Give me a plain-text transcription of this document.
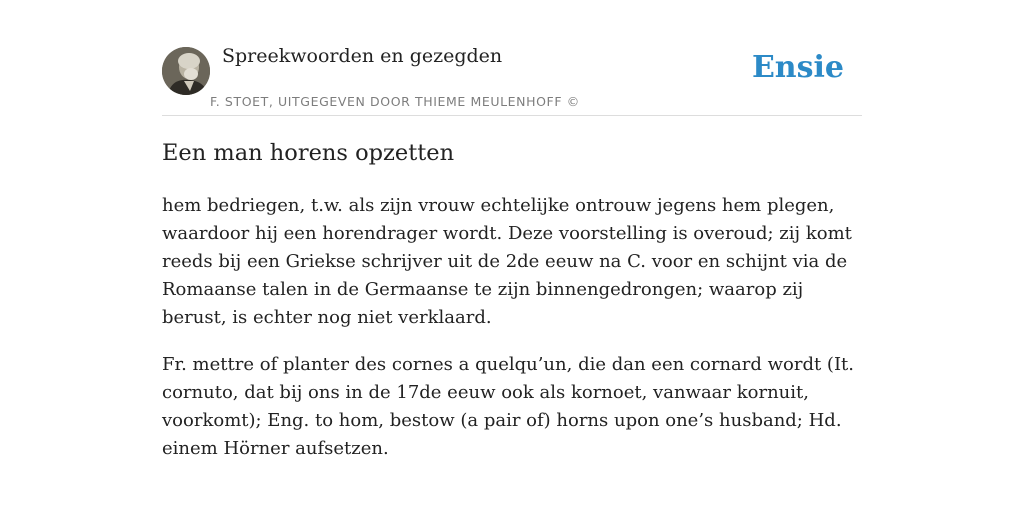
Spreekwoorden en gezegden
F. STOET, UITGEGEVEN DOOR THIEME MEULENHOFF ©
Ensie
Een man horens opzetten

hem bedriegen, t.w. als zijn vrouw echtelijke ontrouw jegens hem plegen, waardoor hij een horendrager wordt. Deze voorstelling is overoud; zij komt reeds bij een Griekse schrijver uit de 2de eeuw na C. voor en schijnt via de Romaanse talen in de Germaanse te zijn binnengedrongen; waarop zij berust, is echter nog niet verklaard.

Fr. mettre of planter des cornes a quelqu’un, die dan een cornard wordt (It. cornuto, dat bij ons in de 17de eeuw ook als kornoet, vanwaar kornuit, voorkomt); Eng. to hom, bestow (a pair of) horns upon one’s husband; Hd. einem Hörner aufsetzen.
